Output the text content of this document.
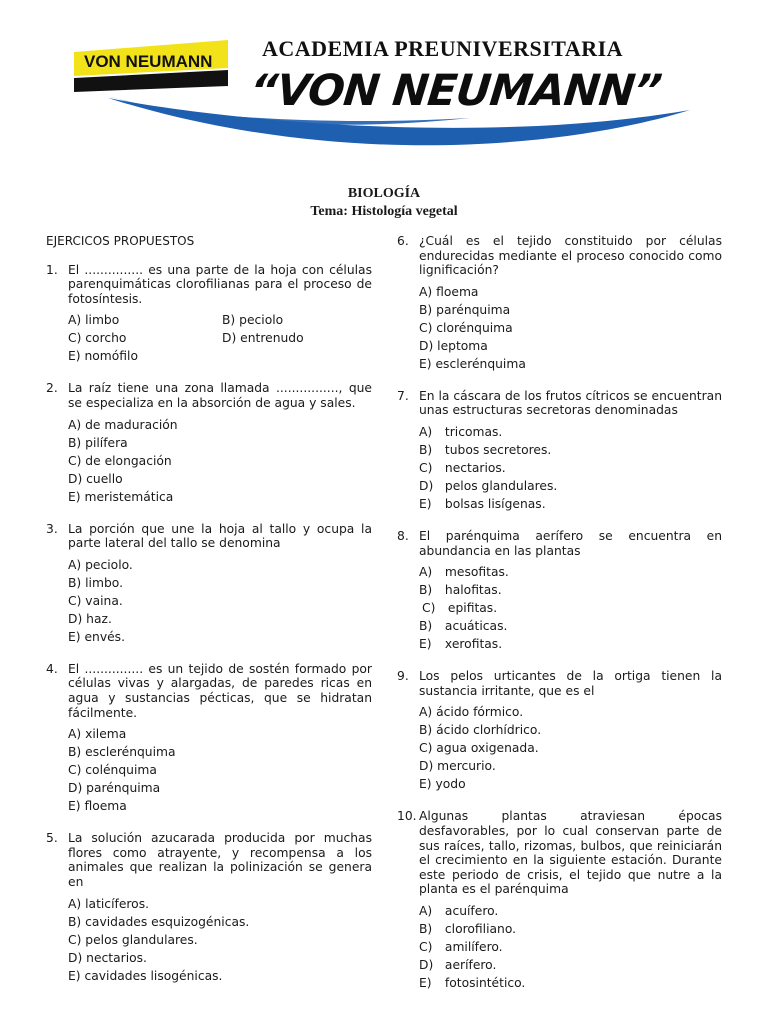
VON NEUMANN
ACADEMIA PREUNIVERSITARIA
“VON NEUMANN”
BIOLOGÍA
Tema: Histología vegetal
EJERCICOS PROPUESTOS
1. El ............... es una parte de la hoja con células parenquimáticas clorofilianas para el proceso de fotosíntesis.
A) limbo	B) peciolo
C) corcho	D) entrenudo
E) nomófilo
2. La raíz tiene una zona llamada ................, que se especializa en la absorción de agua y sales.
A) de maduración
B) pilífera
C) de elongación
D) cuello
E) meristemática
3. La porción que une la hoja al tallo y ocupa la parte lateral del tallo se denomina
A) peciolo.
B) limbo.
C) vaina.
D) haz.
E) envés.
4. El ............... es un tejido de sostén formado por células vivas y alargadas, de paredes ricas en agua y sustancias pécticas, que se hidratan fácilmente.
A) xilema
B) esclerénquima
C) colénquima
D) parénquima
E) floema
5. La solución azucarada producida por muchas flores como atrayente, y recompensa a los animales que realizan la polinización se genera en
A) laticíferos.
B) cavidades esquizogénicas.
C) pelos glandulares.
D) nectarios.
E) cavidades lisogénicas.
6. ¿Cuál es el tejido constituido por células endurecidas mediante el proceso conocido como lignificación?
A) floema
B) parénquima
C) clorénquima
D) leptoma
E) esclerénquima
7. En la cáscara de los frutos cítricos se encuentran unas estructuras secretoras denominadas
A) tricomas.
B) tubos secretores.
C) nectarios.
D) pelos glandulares.
E) bolsas lisígenas.
8. El parénquima aerífero se encuentra en abundancia en las plantas
A) mesofitas.
B) halofitas.
C) epifitas.
B) acuáticas.
E) xerofitas.
9. Los pelos urticantes de la ortiga tienen la sustancia irritante, que es el
A) ácido fórmico.
B) ácido clorhídrico.
C) agua oxigenada.
D) mercurio.
E) yodo
10. Algunas plantas atraviesan épocas desfavorables, por lo cual conservan parte de sus raíces, tallo, rizomas, bulbos, que reiniciarán el crecimiento en la siguiente estación. Durante este periodo de crisis, el tejido que nutre a la planta es el parénquima
A) acuífero.
B) clorofiliano.
C) amilífero.
D) aerífero.
E) fotosintético.
